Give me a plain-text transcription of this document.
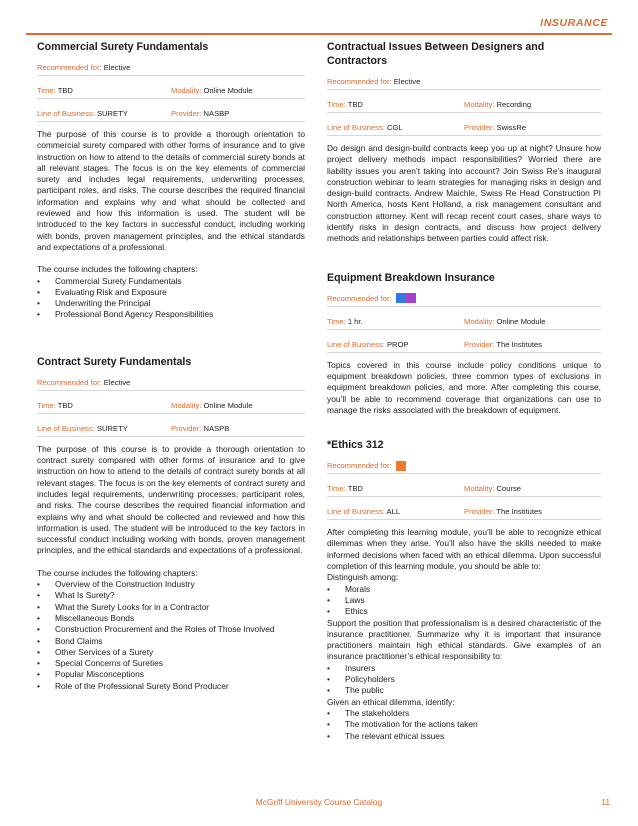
INSURANCE
Commercial Surety Fundamentals
Recommended for:
Elective
Time: TBD	Modality: Online Module
Line of Business: SURETY	Provider: NASBP
The purpose of this course is to provide a thorough orientation to commercial surety compared with other forms of insurance and to give instruction on how to attend to the details of commercial surety bonds at all relevant stages. The focus is on the key elements of commercial surety and includes legal requirements, underwriting processes, participant roles, and risks. The course describes the required financial information and explains why and what should be collected and reviewed and how this information is used. The student will be introduced to the key factors in successful conduct, including working with bonds, proven management principles, and the ethical standards and expectations of a professional.
The course includes the following chapters:
• Commercial Surety Fundamentals
• Evaluating Risk and Exposure
• Underwriting the Principal
• Professional Bond Agency Responsibilities
Contract Surety Fundamentals
Recommended for:
Elective
Time: TBD	Modality: Online Module
Line of Business: SURETY	Provider: NASPB
The purpose of this course is to provide a thorough orientation to contract surety compared with other forms of insurance and to give instruction on how to attend to the details of contract surety bonds at all relevant stages. The focus is on the key elements of contract surety and includes legal requirements, underwriting processes, participant roles, and risks. The course describes the required financial information and explains why and what should be collected and reviewed and how this information is used. The student will be introduced to the key factors in successful conduct including working with bonds, proven management principles, and the ethical standards and expectations of a professional.
The course includes the following chapters:
• Overview of the Construction Industry
• What Is Surety?
• What the Surety Looks for in a Contractor
• Miscellaneous Bonds
• Construction Procurement and the Roles of Those Involved
• Bond Claims
• Other Services of a Surety
• Special Concerns of Sureties
• Popular Misconceptions
• Role of the Professional Surety Bond Producer
Contractual Issues Between Designers and Contractors
Recommended for:
Elective
Time: TBD	Modality: Recording
Line of Business: CGL	Provider: SwissRe
Do design and design-build contracts keep you up at night? Unsure how project delivery methods impact responsibilities? Worried there are liability issues you aren’t taking into account? Join Swiss Re’s inaugural construction webinar to learn strategies for managing risks in design and design-build contracts. Andrew Maichle, Swiss Re Head Construction PI North America, hosts Kent Holland, a risk management consultant and construction attorney. Kent will recap recent court cases, share ways to identify risks in design contracts, and discuss how project delivery methods and relationships between parties could affect risk.
Equipment Breakdown Insurance
Recommended for:

Time: 1 hr.	Modality: Online Module
Line of Business: PROP	Provider: The Institutes
Topics covered in this course include policy conditions unique to equipment breakdown policies, three common types of exclusions in equipment breakdown policies, and more. After completing this course, you’ll be able to recommend coverage that organizations can use to manage the risks associated with the breakdown of equipment.
*Ethics 312
Recommended for:

Time: TBD	Modality: Course
Line of Business: ALL	Provider: The Institutes
After completing this learning module, you’ll be able to recognize ethical dilemmas when they arise. You’ll also have the skills needed to make informed decisions when faced with an ethical dilemma. Upon successful completion of this learning module, you should be able to:
Distinguish among:
• Morals
• Laws
• Ethics
Support the position that professionalism is a desired characteristic of the insurance practitioner. Summarize why it is important that insurance practitioners maintain high ethical standards. Give examples of an insurance practitioner’s ethical responsibility to:
• Insurers
• Policyholders
• The public
Given an ethical dilemma, identify:
• The stakeholders
• The motivation for the actions taken
• The relevant ethical issues
McGriff University Course Catalog	11
